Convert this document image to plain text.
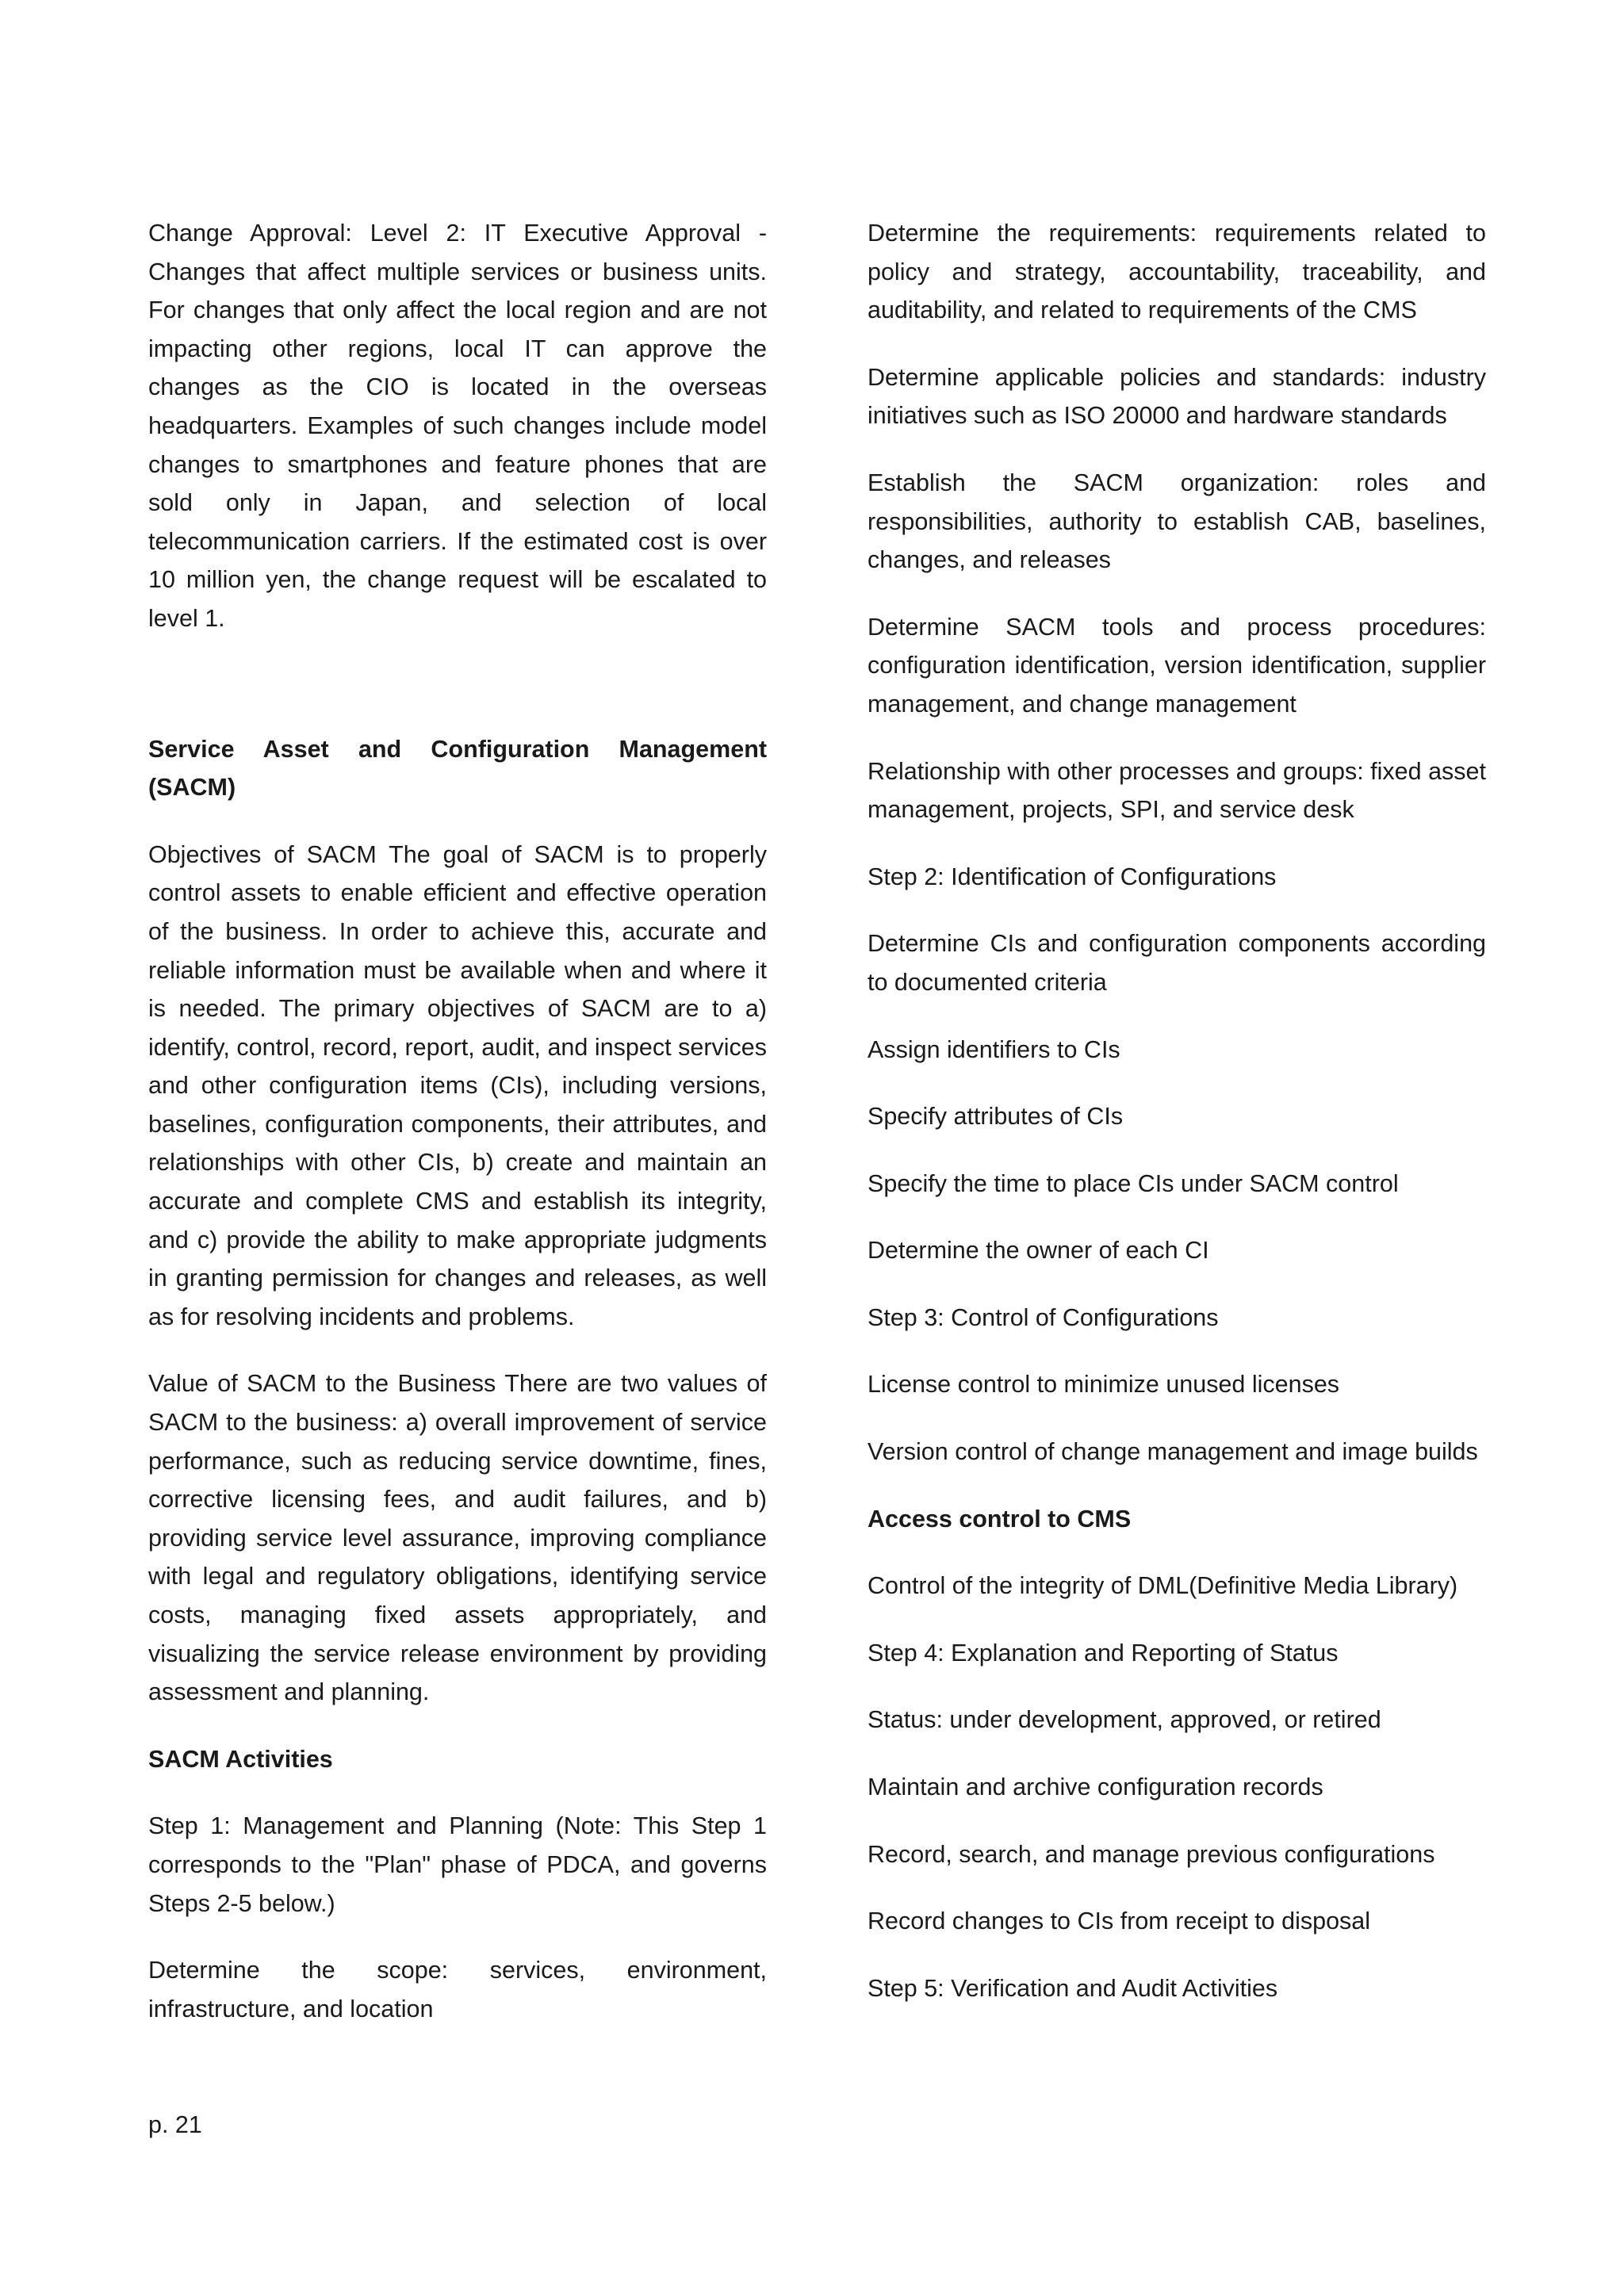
Change Approval: Level 2: IT Executive Approval - Changes that affect multiple services or business units. For changes that only affect the local region and are not impacting other regions, local IT can approve the changes as the CIO is located in the overseas headquarters. Examples of such changes include model changes to smartphones and feature phones that are sold only in Japan, and selection of local telecommunication carriers. If the estimated cost is over 10 million yen, the change request will be escalated to level 1.

Service Asset and Configuration Management (SACM)

Objectives of SACM The goal of SACM is to properly control assets to enable efficient and effective operation of the business. In order to achieve this, accurate and reliable information must be available when and where it is needed. The primary objectives of SACM are to a) identify, control, record, report, audit, and inspect services and other configuration items (CIs), including versions, baselines, configuration components, their attributes, and relationships with other CIs, b) create and maintain an accurate and complete CMS and establish its integrity, and c) provide the ability to make appropriate judgments in granting permission for changes and releases, as well as for resolving incidents and problems.

Value of SACM to the Business There are two values of SACM to the business: a) overall improvement of service performance, such as reducing service downtime, fines, corrective licensing fees, and audit failures, and b) providing service level assurance, improving compliance with legal and regulatory obligations, identifying service costs, managing fixed assets appropriately, and visualizing the service release environment by providing assessment and planning.

SACM Activities

Step 1: Management and Planning (Note: This Step 1 corresponds to the "Plan" phase of PDCA, and governs Steps 2-5 below.)

Determine the scope: services, environment, infrastructure, and location

Determine the requirements: requirements related to policy and strategy, accountability, traceability, and auditability, and related to requirements of the CMS

Determine applicable policies and standards: industry initiatives such as ISO 20000 and hardware standards

Establish the SACM organization: roles and responsibilities, authority to establish CAB, baselines, changes, and releases

Determine SACM tools and process procedures: configuration identification, version identification, supplier management, and change management

Relationship with other processes and groups: fixed asset management, projects, SPI, and service desk

Step 2: Identification of Configurations

Determine CIs and configuration components according to documented criteria

Assign identifiers to CIs

Specify attributes of CIs

Specify the time to place CIs under SACM control

Determine the owner of each CI

Step 3: Control of Configurations

License control to minimize unused licenses

Version control of change management and image builds

Access control to CMS

Control of the integrity of DML(Definitive Media Library)

Step 4: Explanation and Reporting of Status

Status: under development, approved, or retired

Maintain and archive configuration records

Record, search, and manage previous configurations

Record changes to CIs from receipt to disposal

Step 5: Verification and Audit Activities

p. 21
